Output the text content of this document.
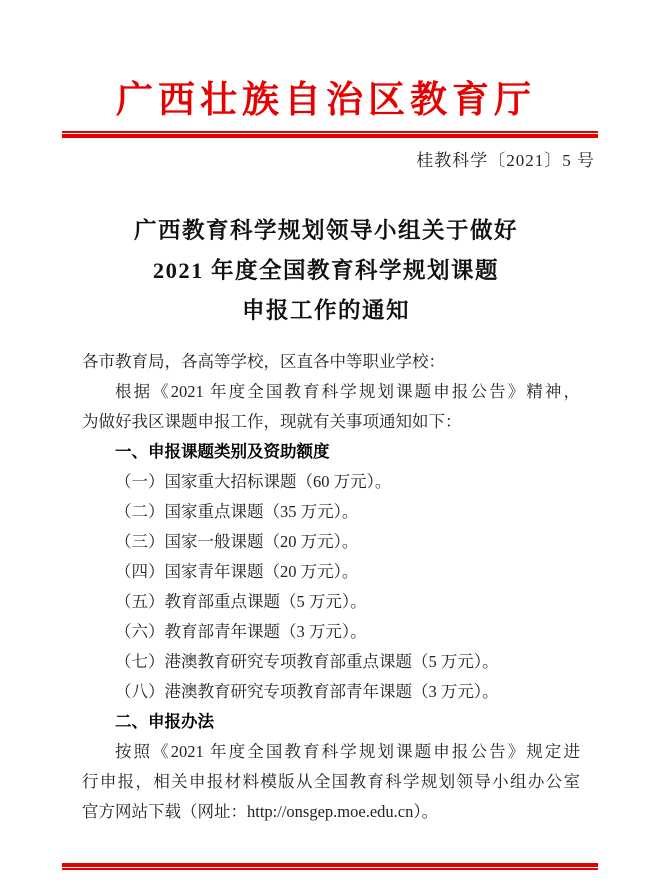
广西壮族自治区教育厅
桂教科学〔2021〕5 号
广西教育科学规划领导小组关于做好
2021 年度全国教育科学规划课题
申报工作的通知
各市教育局，各高等学校，区直各中等职业学校：
根据《2021 年度全国教育科学规划课题申报公告》精神，
为做好我区课题申报工作，现就有关事项通知如下：
一、申报课题类别及资助额度
（一）国家重大招标课题（60 万元）。
（二）国家重点课题（35 万元）。
（三）国家一般课题（20 万元）。
（四）国家青年课题（20 万元）。
（五）教育部重点课题（5 万元）。
（六）教育部青年课题（3 万元）。
（七）港澳教育研究专项教育部重点课题（5 万元）。
（八）港澳教育研究专项教育部青年课题（3 万元）。
二、申报办法
按照《2021 年度全国教育科学规划课题申报公告》规定进
行申报，相关申报材料模版从全国教育科学规划领导小组办公室
官方网站下载（网址：http://onsgep.moe.edu.cn）。
